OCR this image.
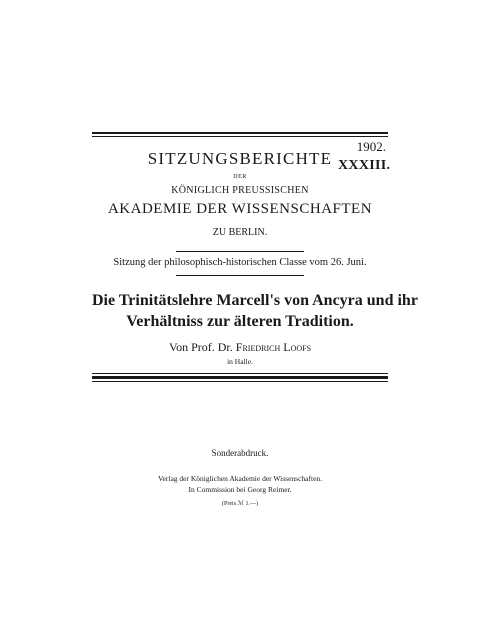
1902.
XXXIII.
SITZUNGSBERICHTE
DER
KÖNIGLICH PREUSSISCHEN
AKADEMIE DER WISSENSCHAFTEN
ZU BERLIN.
Sitzung der philosophisch-historischen Classe vom 26. Juni.
Die Trinitätslehre Marcell's von Ancyra und ihr
Verhältniss zur älteren Tradition.
Von Prof. Dr. Friedrich Loofs
in Halle.
Sonderabdruck.
Verlag der Königlichen Akademie der Wissenschaften.
In Commission bei Georg Reimer.
(Preis ℳ 1.—)
